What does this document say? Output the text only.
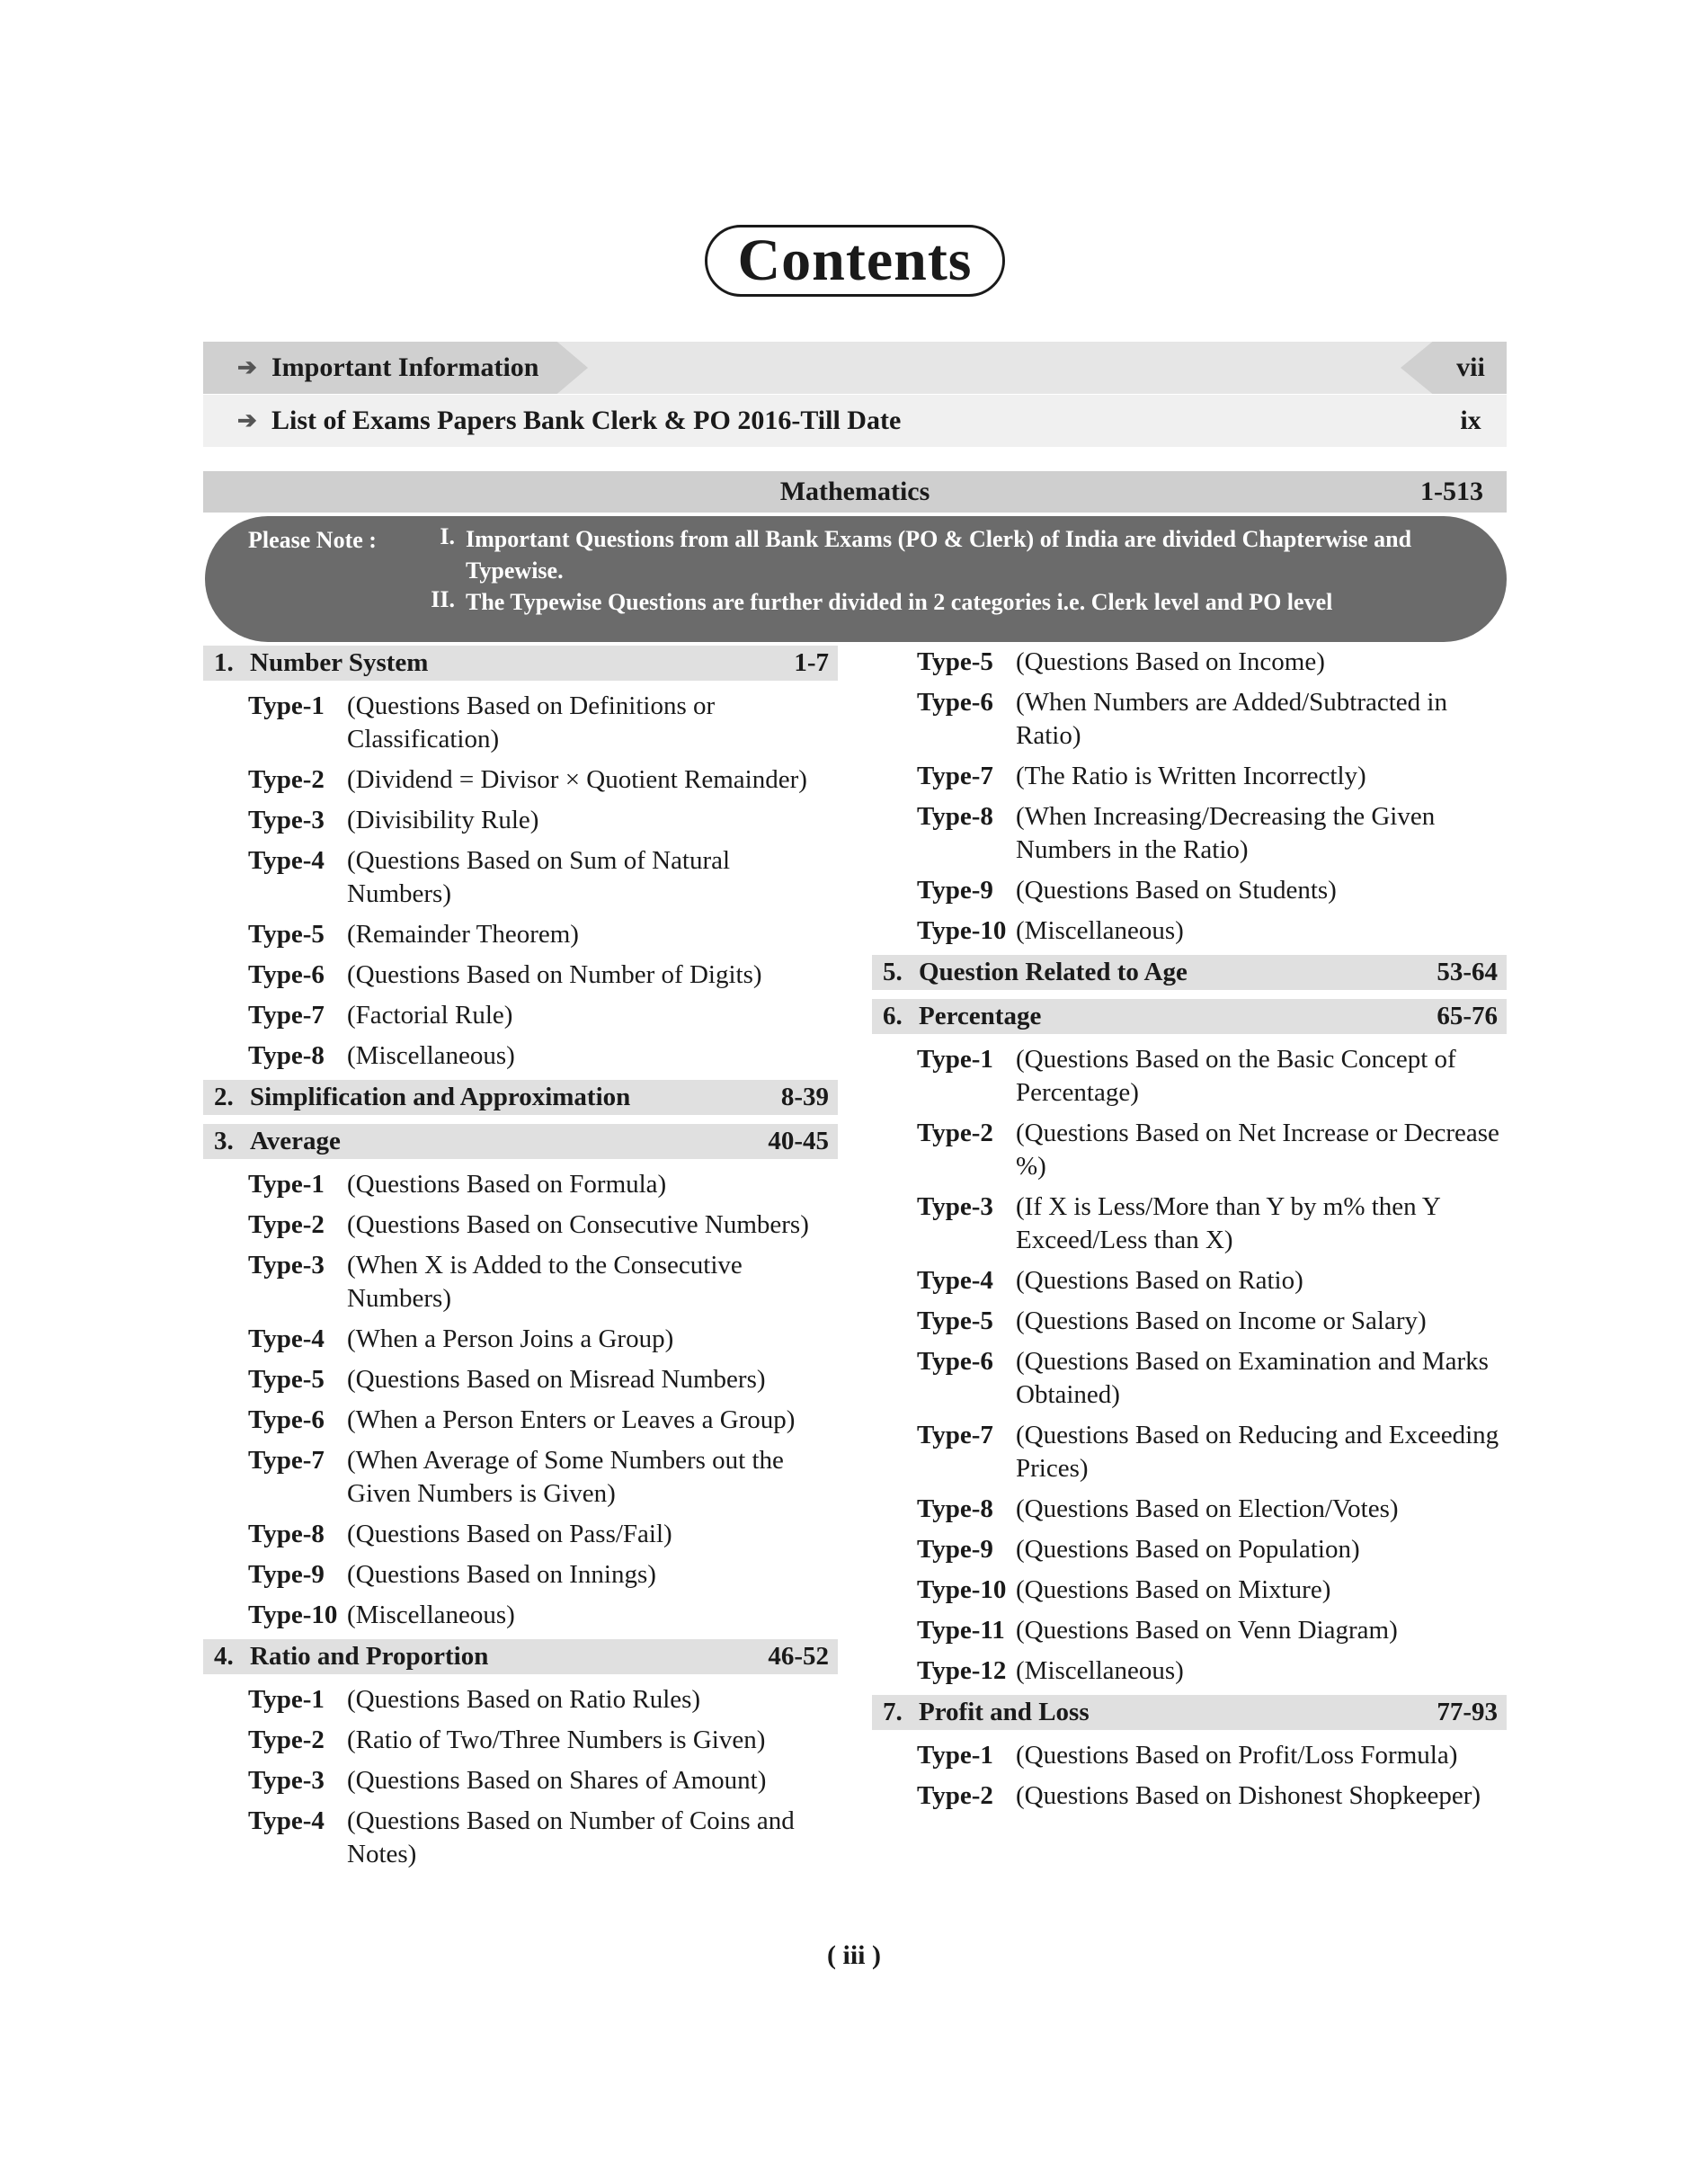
Contents
➔ Important Information	vii
➔ List of Exams Papers Bank Clerk & PO 2016-Till Date	ix
Mathematics	1-513
Please Note :	I. Important Questions from all Bank Exams (PO & Clerk) of India are divided Chapterwise and Typewise.
II. The Typewise Questions are further divided in 2 categories i.e. Clerk level and PO level
1. Number System	1-7
Type-1 (Questions Based on Definitions or Classification)
Type-2 (Dividend = Divisor × Quotient Remainder)
Type-3 (Divisibility Rule)
Type-4 (Questions Based on Sum of Natural Numbers)
Type-5 (Remainder Theorem)
Type-6 (Questions Based on Number of Digits)
Type-7 (Factorial Rule)
Type-8 (Miscellaneous)
2. Simplification and Approximation	8-39
3. Average	40-45
Type-1 (Questions Based on Formula)
Type-2 (Questions Based on Consecutive Numbers)
Type-3 (When X is Added to the Consecutive Numbers)
Type-4 (When a Person Joins a Group)
Type-5 (Questions Based on Misread Numbers)
Type-6 (When a Person Enters or Leaves a Group)
Type-7 (When Average of Some Numbers out the Given Numbers is Given)
Type-8 (Questions Based on Pass/Fail)
Type-9 (Questions Based on Innings)
Type-10 (Miscellaneous)
4. Ratio and Proportion	46-52
Type-1 (Questions Based on Ratio Rules)
Type-2 (Ratio of Two/Three Numbers is Given)
Type-3 (Questions Based on Shares of Amount)
Type-4 (Questions Based on Number of Coins and Notes)
Type-5 (Questions Based on Income)
Type-6 (When Numbers are Added/Subtracted in Ratio)
Type-7 (The Ratio is Written Incorrectly)
Type-8 (When Increasing/Decreasing the Given Numbers in the Ratio)
Type-9 (Questions Based on Students)
Type-10 (Miscellaneous)
5. Question Related to Age	53-64
6. Percentage	65-76
Type-1 (Questions Based on the Basic Concept of Percentage)
Type-2 (Questions Based on Net Increase or Decrease %)
Type-3 (If X is Less/More than Y by m% then Y Exceed/Less than X)
Type-4 (Questions Based on Ratio)
Type-5 (Questions Based on Income or Salary)
Type-6 (Questions Based on Examination and Marks Obtained)
Type-7 (Questions Based on Reducing and Exceeding Prices)
Type-8 (Questions Based on Election/Votes)
Type-9 (Questions Based on Population)
Type-10 (Questions Based on Mixture)
Type-11 (Questions Based on Venn Diagram)
Type-12 (Miscellaneous)
7. Profit and Loss	77-93
Type-1 (Questions Based on Profit/Loss Formula)
Type-2 (Questions Based on Dishonest Shopkeeper)
( iii )
